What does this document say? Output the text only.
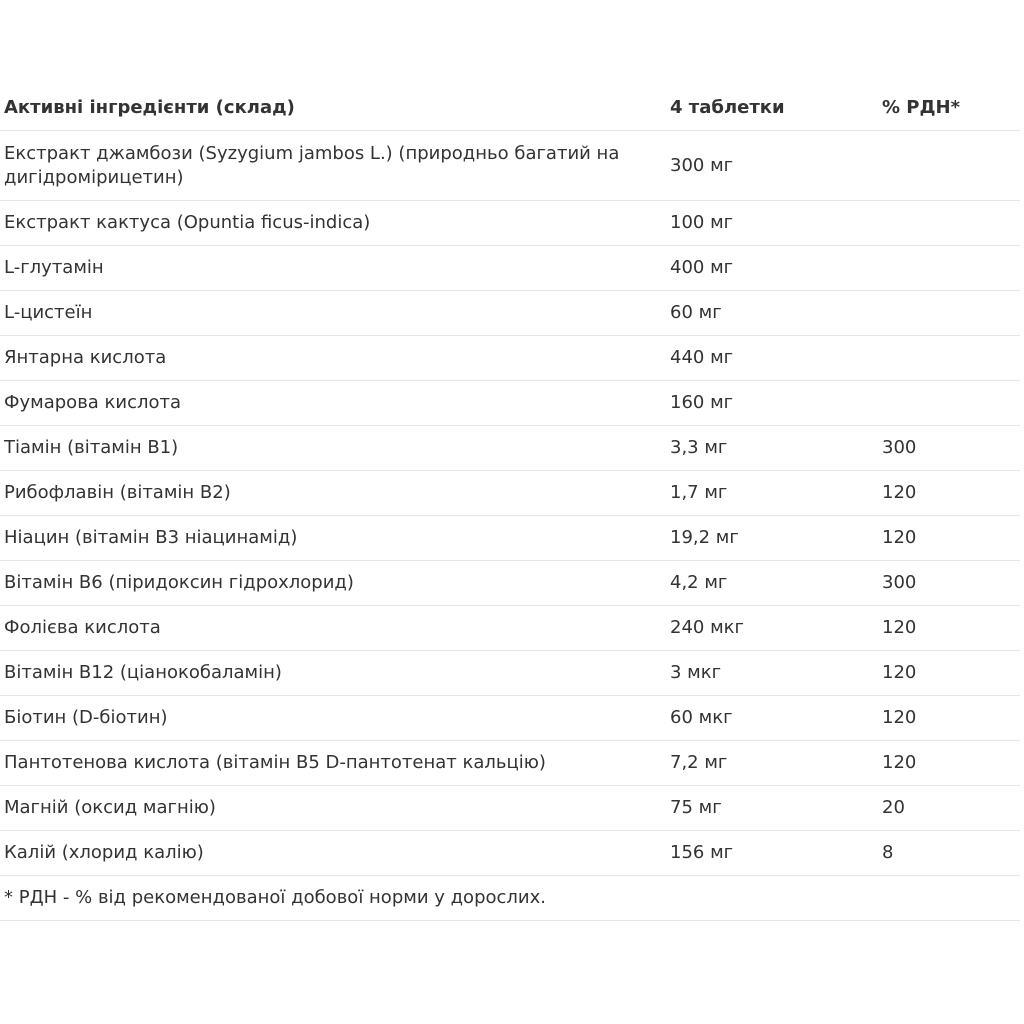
Активні інгредієнти (склад)	4 таблетки	% РДН*
Екстракт джамбози (Syzygium jambos L.) (природньо багатий на дигідромірицетин)	300 мг	
Екстракт кактуса (Opuntia ficus-indica)	100 мг	
L-глутамін	400 мг	
L-цистеїн	60 мг	
Янтарна кислота	440 мг	
Фумарова кислота	160 мг	
Тіамін (вітамін В1)	3,3 мг	300
Рибофлавін (вітамін В2)	1,7 мг	120
Ніацин (вітамін В3 ніацинамід)	19,2 мг	120
Вітамін В6 (піридоксин гідрохлорид)	4,2 мг	300
Фолієва кислота	240 мкг	120
Вітамін В12 (ціанокобаламін)	3 мкг	120
Біотин (D-біотин)	60 мкг	120
Пантотенова кислота (вітамін В5 D-пантотенат кальцію)	7,2 мг	120
Магній (оксид магнію)	75 мг	20
Калій (хлорид калію)	156 мг	8
* РДН - % від рекомендованої добової норми у дорослих.		
